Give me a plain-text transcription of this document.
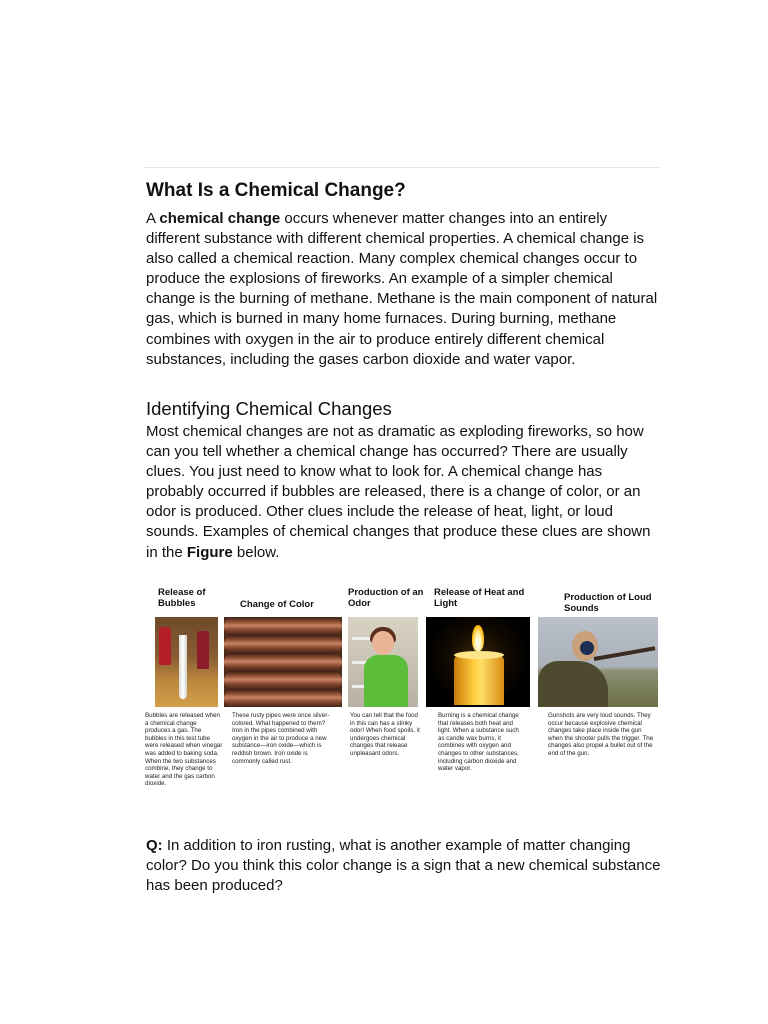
What Is a Chemical Change?

A chemical change occurs whenever matter changes into an entirely different substance with different chemical properties. A chemical change is also called a chemical reaction. Many complex chemical changes occur to produce the explosions of fireworks. An example of a simpler chemical change is the burning of methane. Methane is the main component of natural gas, which is burned in many home furnaces. During burning, methane combines with oxygen in the air to produce entirely different chemical substances, including the gases carbon dioxide and water vapor.

Identifying Chemical Changes

Most chemical changes are not as dramatic as exploding fireworks, so how can you tell whether a chemical change has occurred? There are usually clues. You just need to know what to look for. A chemical change has probably occurred if bubbles are released, there is a change of color, or an odor is produced. Other clues include the release of heat, light, or loud sounds. Examples of chemical changes that produce these clues are shown in the Figure below.

Release of Bubbles
Bubbles are released when a chemical change produces a gas. The bubbles in this test tube were released when vinegar was added to baking soda. When the two substances combine, they change to water and the gas carbon dioxide.
Change of Color
These rusty pipes were once silver-colored. What happened to them? Iron in the pipes combined with oxygen in the air to produce a new substance—iron oxide—which is reddish brown. Iron oxide is commonly called rust.
Production of an Odor
You can tell that the food in this can has a stinky odor! When food spoils, it undergoes chemical changes that release unpleasant odors.
Release of Heat and Light
Burning is a chemical change that releases both heat and light. When a substance such as candle wax burns, it combines with oxygen and changes to other substances, including carbon dioxide and water vapor.
Production of Loud Sounds
Gunshots are very loud sounds. They occur because explosive chemical changes take place inside the gun when the shooter pulls the trigger. The changes also propel a bullet out of the end of the gun.

Q: In addition to iron rusting, what is another example of matter changing color? Do you think this color change is a sign that a new chemical substance has been produced?
